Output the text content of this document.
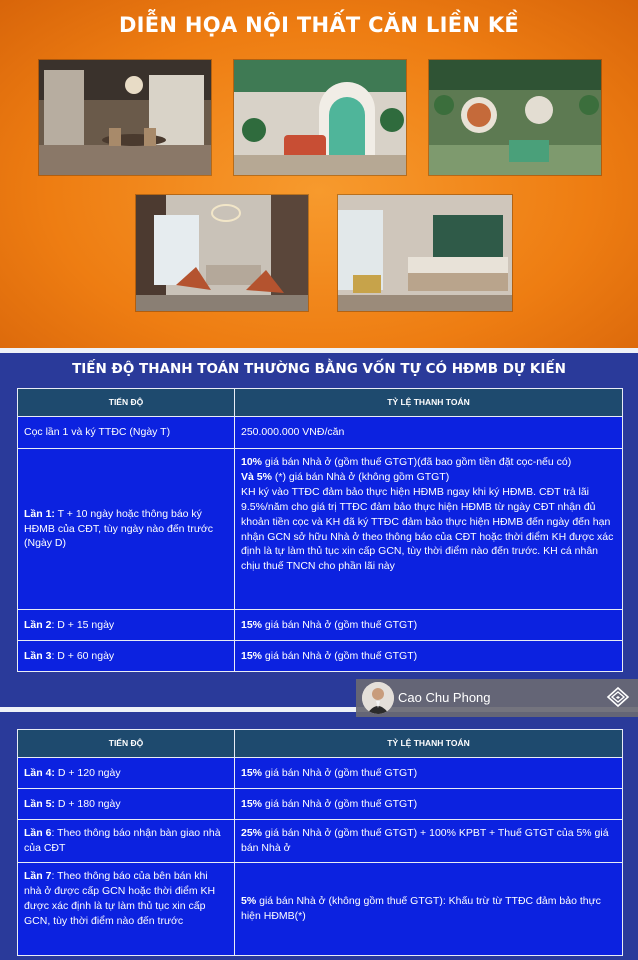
DIỄN HỌA NỘI THẤT CĂN LIỀN KỀ
TIẾN ĐỘ THANH TOÁN THƯỜNG BẰNG VỐN TỰ CÓ HĐMB DỰ KIẾN
TIẾN ĐỘ	TỶ LỆ THANH TOÁN
Cọc lần 1 và ký TTĐC (Ngày T)	250.000.000 VNĐ/căn
Lần 1: T + 10 ngày hoặc thông báo ký HĐMB của CĐT, tùy ngày nào đến trước (Ngày D)	10% giá bán Nhà ở (gồm thuế GTGT)(đã bao gồm tiền đặt cọc-nếu có)
Và 5% (*) giá bán Nhà ở (không gồm GTGT)
KH ký vào TTĐC đảm bảo thực hiện HĐMB ngay khi ký HĐMB. CĐT trả lãi 9.5%/năm cho giá trị TTĐC đảm bảo thực hiện HĐMB từ ngày CĐT nhận đủ khoản tiền cọc và KH đã ký TTĐC đảm bảo thực hiện HĐMB đến ngày đến hạn nhận GCN sở hữu Nhà ở theo thông báo của CĐT hoặc thời điểm KH được xác định là tự làm thủ tục xin cấp GCN, tùy thời điểm nào đến trước. KH cá nhân chịu thuế TNCN cho phần lãi này

Lần 2: D + 15 ngày	15% giá bán Nhà ở (gồm thuế GTGT)
Lần 3: D + 60 ngày	15% giá bán Nhà ở (gồm thuế GTGT)
TIẾN ĐỘ	TỶ LỆ THANH TOÁN
Lần 4: D + 120 ngày	15% giá bán Nhà ở (gồm thuế GTGT)
Lần 5: D + 180 ngày	15% giá bán Nhà ở (gồm thuế GTGT)
Lần 6: Theo thông báo nhận bàn giao nhà của CĐT	25% giá bán Nhà ở (gồm thuế GTGT) + 100% KPBT + Thuế GTGT của 5% giá bán Nhà ở
Lần 7: Theo thông báo của bên bán khi nhà ở được cấp GCN hoặc thời điểm KH được xác định là tự làm thủ tục xin cấp GCN, tùy thời điểm nào đến trước	5% giá bán Nhà ở (không gồm thuế GTGT): Khấu trừ từ TTĐC đảm bảo thực hiện HĐMB(*)
Cao Chu Phong
